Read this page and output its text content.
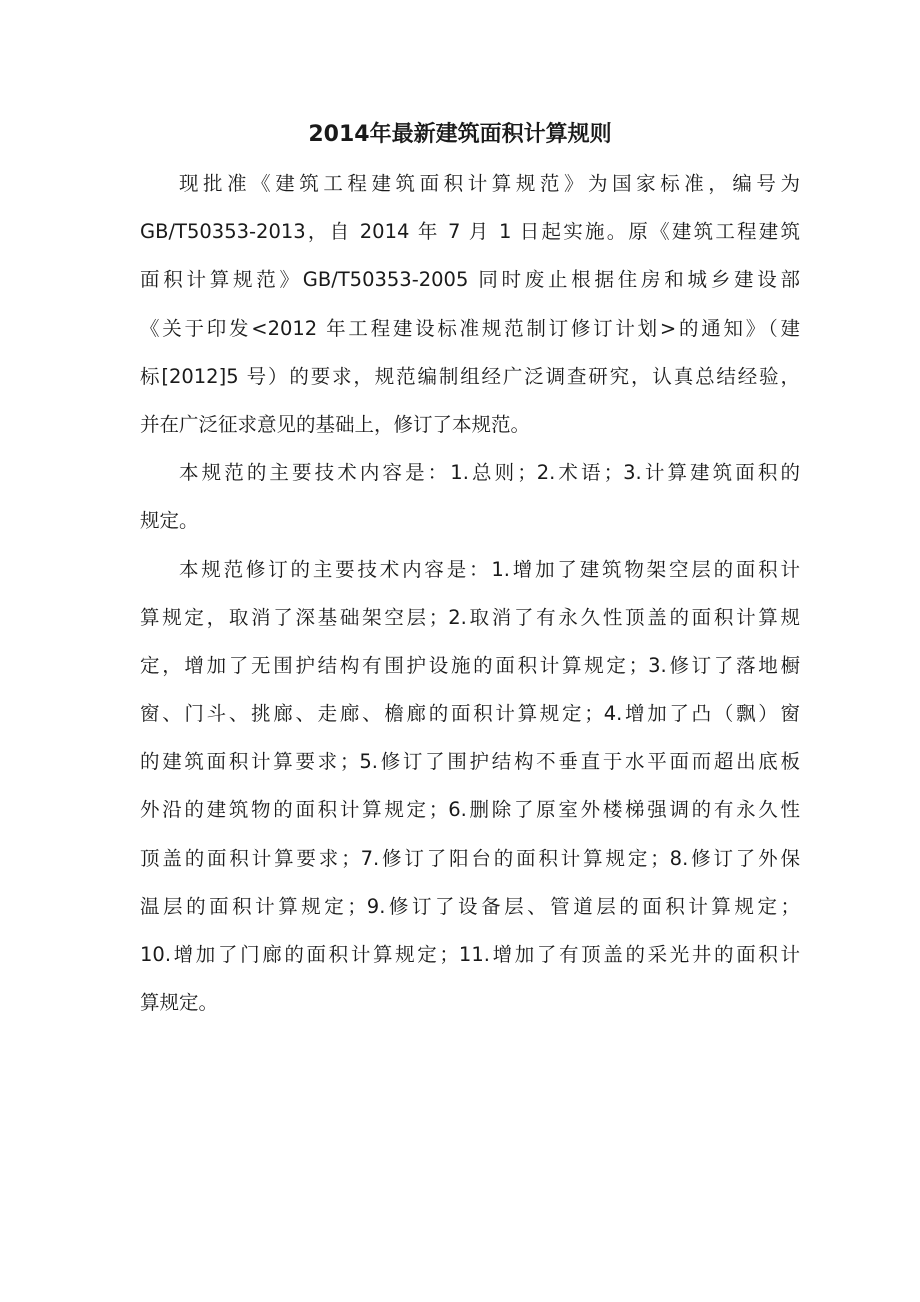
2014年最新建筑面积计算规则
现批准《建筑工程建筑面积计算规范》为国家标准，编号为
GB/T50353-2013，自 2014 年 7 月 1 日起实施。原《建筑工程建筑
面积计算规范》GB/T50353-2005 同时废止根据住房和城乡建设部
《关于印发<2012 年工程建设标准规范制订修订计划>的通知》（建
标[2012]5 号）的要求，规范编制组经广泛调查研究，认真总结经验，
并在广泛征求意见的基础上，修订了本规范。
本规范的主要技术内容是：1.总则；2.术语；3.计算建筑面积的
规定。
本规范修订的主要技术内容是：1.增加了建筑物架空层的面积计
算规定，取消了深基础架空层；2.取消了有永久性顶盖的面积计算规
定，增加了无围护结构有围护设施的面积计算规定；3.修订了落地橱
窗、门斗、挑廊、走廊、檐廊的面积计算规定；4.增加了凸（飘）窗
的建筑面积计算要求；5.修订了围护结构不垂直于水平面而超出底板
外沿的建筑物的面积计算规定；6.删除了原室外楼梯强调的有永久性
顶盖的面积计算要求；7.修订了阳台的面积计算规定；8.修订了外保
温层的面积计算规定；9.修订了设备层、管道层的面积计算规定；
10.增加了门廊的面积计算规定；11.增加了有顶盖的采光井的面积计
算规定。
